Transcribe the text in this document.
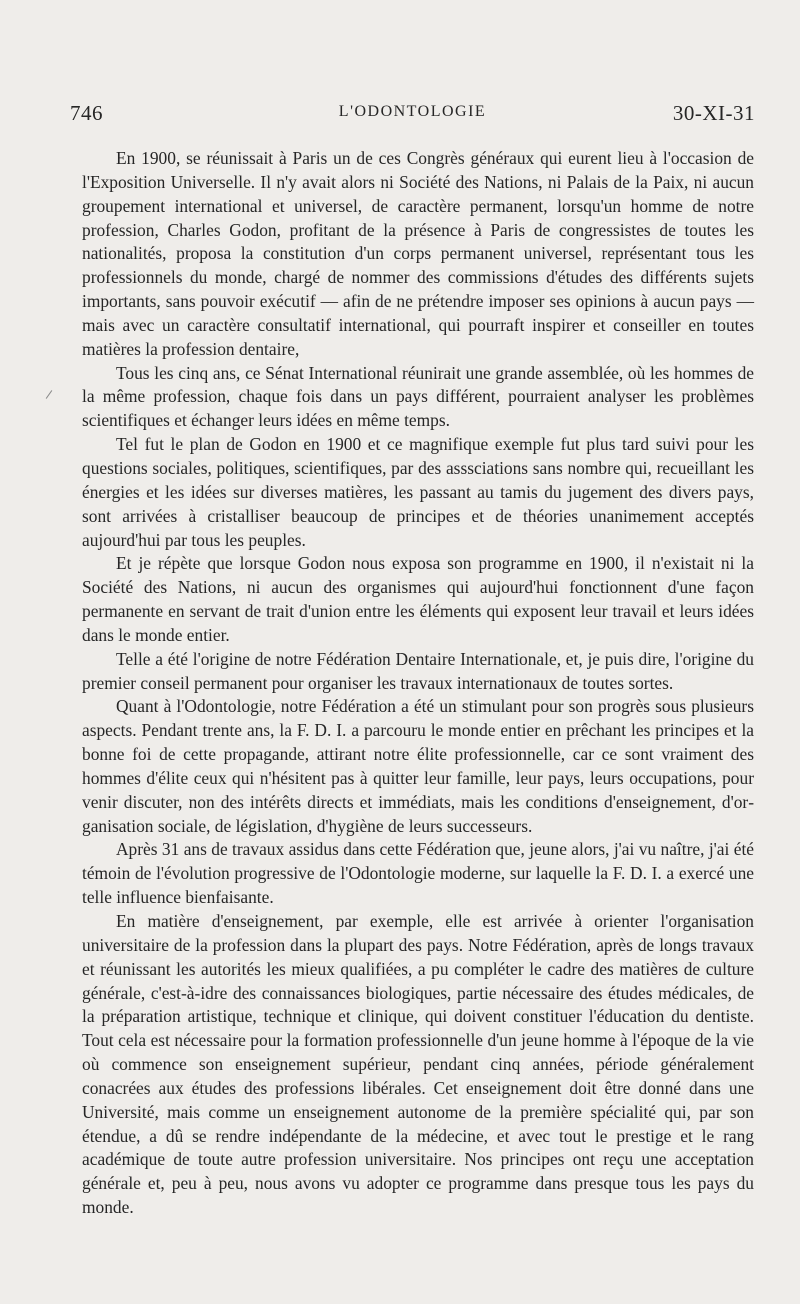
746	L'ODONTOLOGIE	30-XI-31

En 1900, se réunissait à Paris un de ces Congrès généraux qui eurent lieu à l'occasion de l'Exposition Universelle. Il n'y avait alors ni Société des Nations, ni Palais de la Paix, ni aucun groupement international et universel, de caractère permanent, lorsqu'un homme de notre profession, Charles Godon, profitant de la présence à Paris de congressistes de toutes les nationalités, proposa la constitution d'un corps permanent universel, représentant tous les professionnels du monde, chargé de nommer des commissions d'études des différents sujets importants, sans pouvoir exécutif — afin de ne prétendre imposer ses opinions à aucun pays — mais avec un caractère consultatif international, qui pourraft inspirer et conseiller en toutes matières la profession dentaire,

Tous les cinq ans, ce Sénat International réunirait une grande assemblée, où les hommes de la même profession, chaque fois dans un pays différent, pourraient analyser les problèmes scientifiques et échanger leurs idées en même temps.

Tel fut le plan de Godon en 1900 et ce magnifique exemple fut plus tard suivi pour les questions sociales, politiques, scientifiques, par des asssciations sans nombre qui, recueillant les énergies et les idées sur diverses matières, les passant au tamis du jugement des divers pays, sont arrivées à cristalliser beaucoup de principes et de théories unanimement acceptés aujourd'hui par tous les peuples.

Et je répète que lorsque Godon nous exposa son programme en 1900, il n'existait ni la Société des Nations, ni aucun des organismes qui aujourd'hui fonctionnent d'une façon permanente en servant de trait d'union entre les éléments qui exposent leur travail et leurs idées dans le monde entier.

Telle a été l'origine de notre Fédération Dentaire Internationale, et, je puis dire, l'origine du premier conseil permanent pour organiser les travaux internationaux de toutes sortes.

Quant à l'Odontologie, notre Fédération a été un stimulant pour son progrès sous plusieurs aspects. Pendant trente ans, la F. D. I. a parcouru le monde entier en prêchant les principes et la bonne foi de cette propagande, attirant notre élite professionnelle, car ce sont vraiment des hommes d'élite ceux qui n'hésitent pas à quitter leur famille, leur pays, leurs occupations, pour venir discuter, non des intérêts directs et immédiats, mais les conditions d'enseignement, d'organisation sociale, de législation, d'hygiène de leurs successeurs.

Après 31 ans de travaux assidus dans cette Fédération que, jeune alors, j'ai vu naître, j'ai été témoin de l'évolution progressive de l'Odontologie moderne, sur laquelle la F. D. I. a exercé une telle influence bienfaisante.

En matière d'enseignement, par exemple, elle est arrivée à orienter l'organisation universitaire de la profession dans la plupart des pays. Notre Fédération, après de longs travaux et réunissant les autorités les mieux qualifiées, a pu compléter le cadre des matières de culture générale, c'est-à-idre des connaissances biologiques, partie nécessaire des études médicales, de la préparation artistique, technique et clinique, qui doivent constituer l'éducation du dentiste. Tout cela est nécessaire pour la formation professionnelle d'un jeune homme à l'époque de la vie où commence son enseignement supérieur, pendant cinq années, période généralement conacrées aux études des professions libérales. Cet enseignement doit être donné dans une Université, mais comme un enseignement autonome de la première spécialité qui, par son étendue, a dû se rendre indépendante de la médecine, et avec tout le prestige et le rang académique de toute autre profession universitaire. Nos principes ont reçu une acceptation générale et, peu à peu, nous avons vu adopter ce programme dans presque tous les pays du monde.
